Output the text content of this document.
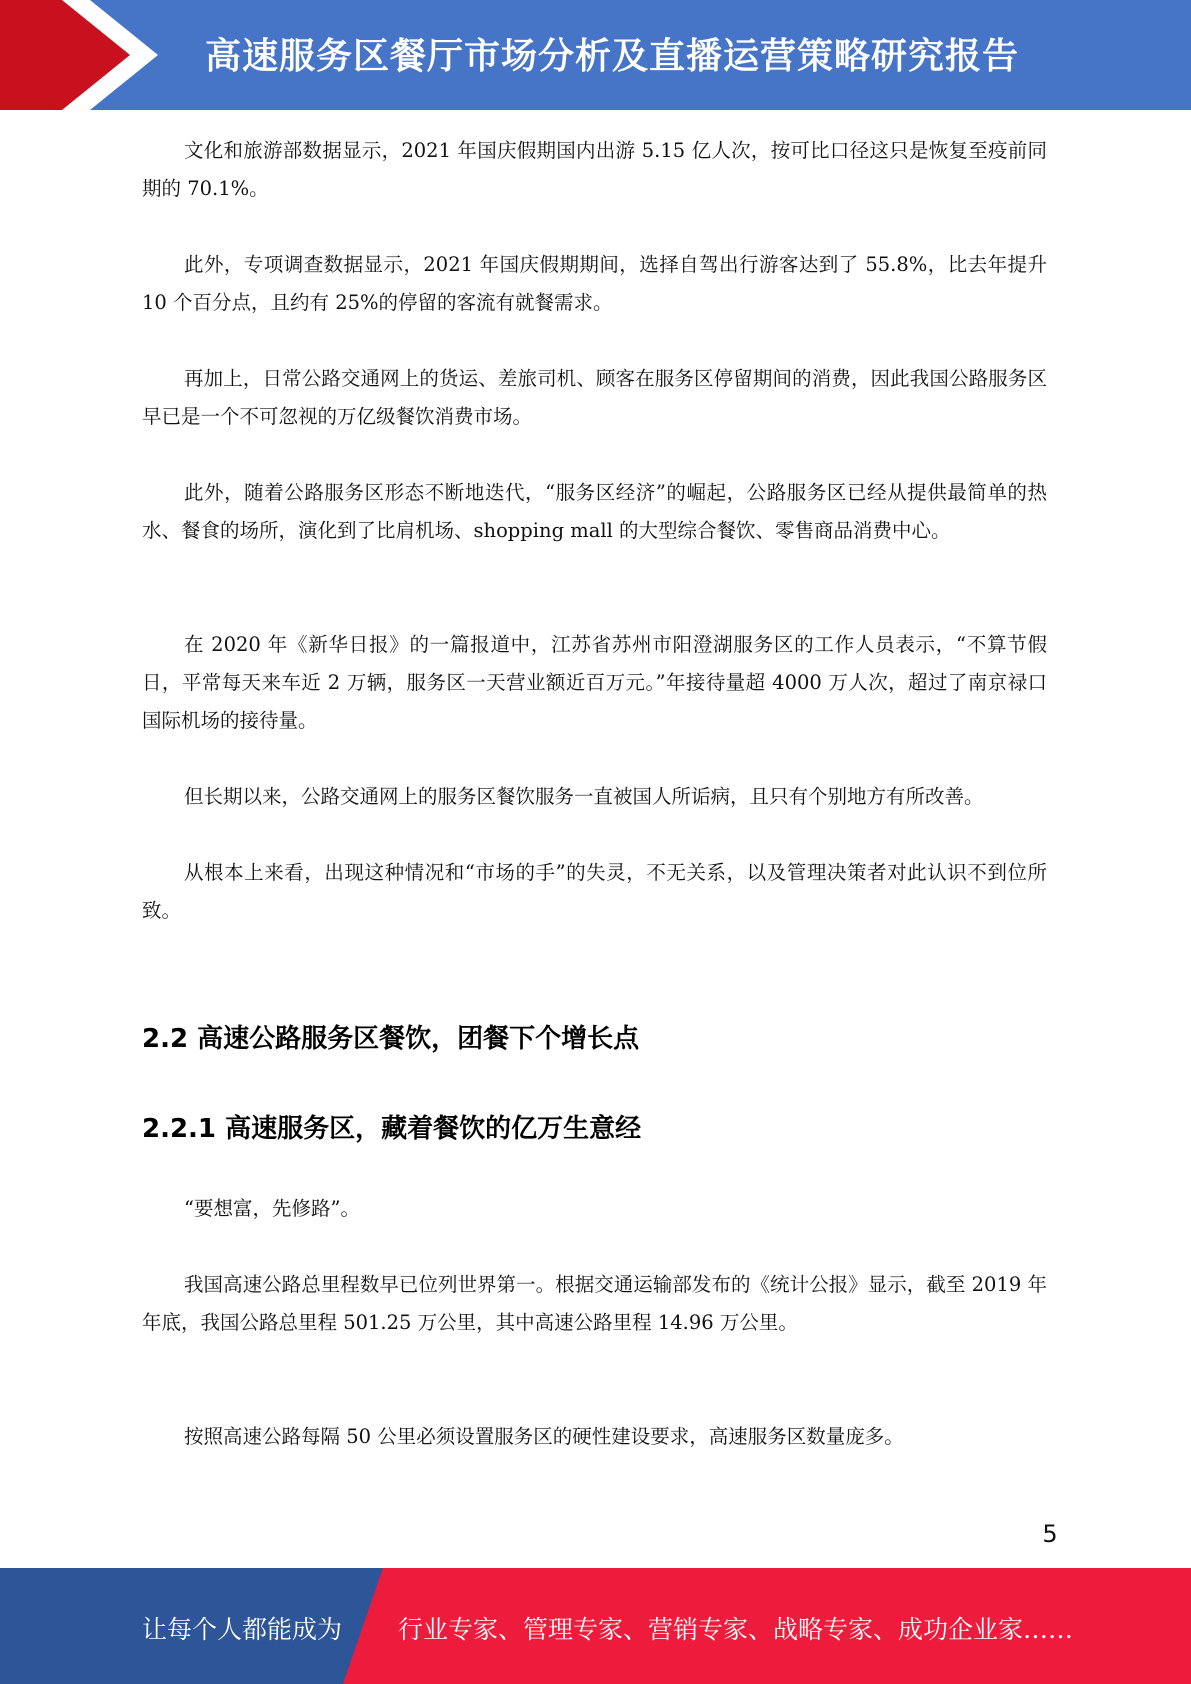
高速服务区餐厅市场分析及直播运营策略研究报告

文化和旅游部数据显示，2021 年国庆假期国内出游 5.15 亿人次，按可比口径这只是恢复至疫前同期的 70.1%。

此外，专项调查数据显示，2021 年国庆假期期间，选择自驾出行游客达到了 55.8%，比去年提升 10 个百分点，且约有 25%的停留的客流有就餐需求。

再加上，日常公路交通网上的货运、差旅司机、顾客在服务区停留期间的消费，因此我国公路服务区早已是一个不可忽视的万亿级餐饮消费市场。

此外，随着公路服务区形态不断地迭代，“服务区经济”的崛起，公路服务区已经从提供最简单的热水、餐食的场所，演化到了比肩机场、shopping mall 的大型综合餐饮、零售商品消费中心。

在 2020 年《新华日报》的一篇报道中，江苏省苏州市阳澄湖服务区的工作人员表示，“不算节假日，平常每天来车近 2 万辆，服务区一天营业额近百万元。”年接待量超 4000 万人次，超过了南京禄口国际机场的接待量。

但长期以来，公路交通网上的服务区餐饮服务一直被国人所诟病，且只有个别地方有所改善。

从根本上来看，出现这种情况和“市场的手”的失灵，不无关系，以及管理决策者对此认识不到位所致。

2.2 高速公路服务区餐饮，团餐下个增长点
2.2.1 高速服务区，藏着餐饮的亿万生意经

“要想富，先修路”。

我国高速公路总里程数早已位列世界第一。根据交通运输部发布的《统计公报》显示，截至 2019 年年底，我国公路总里程 501.25 万公里，其中高速公路里程 14.96 万公里。

按照高速公路每隔 50 公里必须设置服务区的硬性建设要求，高速服务区数量庞多。

5
让每个人都能成为 行业专家、管理专家、营销专家、战略专家、成功企业家……
